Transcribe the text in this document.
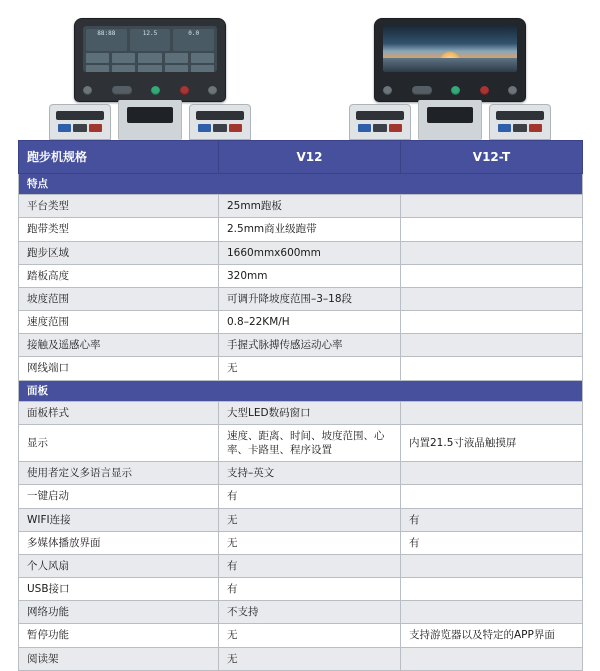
88:88	12.5	0.0
跑步机规格	V12	V12-T
特点		
平台类型	25mm跑板	
跑带类型	2.5mm商业级跑带	
跑步区域	1660mmx600mm	
踏板高度	320mm	
坡度范围	可调升降坡度范围–3–18段	
速度范围	0.8–22KM/H	
接触及遥感心率	手握式脉搏传感运动心率	
网线端口	无	
面板		
面板样式	大型LED数码窗口	
显示	速度、距离、时间、坡度范围、心率、卡路里、程序设置	内置21.5寸液晶触摸屏
使用者定义多语言显示	支持–英文	
一键启动	有	
WIFI连接	无	有
多媒体播放界面	无	有
个人风扇	有	
USB接口	有	
网络功能	不支持	
暂停功能	无	支持游览器以及特定的APP界面
阅读架	无	
